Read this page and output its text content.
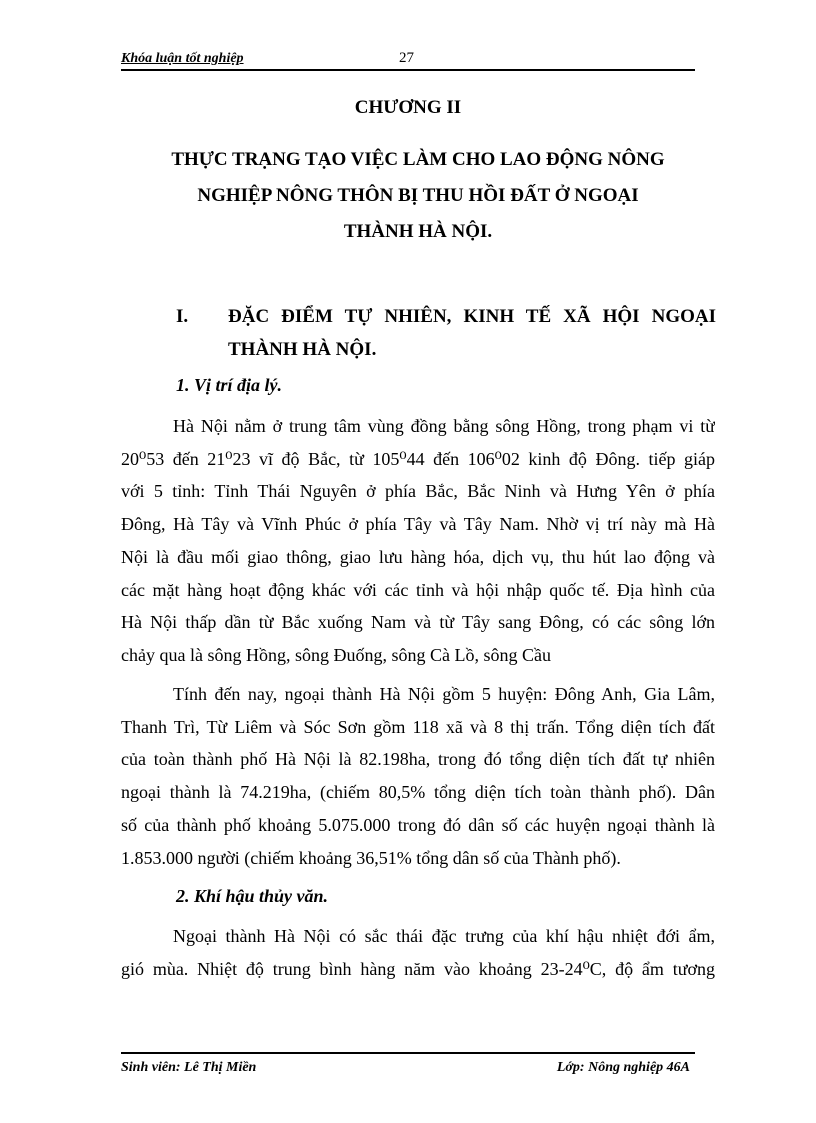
Khóa luận tốt nghiệp	27
CHƯƠNG II
THỰC TRẠNG TẠO VIỆC LÀM CHO LAO ĐỘNG NÔNG
NGHIỆP NÔNG THÔN BỊ THU HỒI ĐẤT Ở NGOẠI
THÀNH HÀ NỘI.
I. ĐẶC ĐIỂM TỰ NHIÊN, KINH TẾ XÃ HỘI NGOẠI
THÀNH HÀ NỘI.
1. Vị trí địa lý.
Hà Nội nằm ở trung tâm vùng đồng bằng sông Hồng, trong phạm vi từ
20⁰53 đến 21⁰23 vĩ độ Bắc, từ 105⁰44 đến 106⁰02 kinh độ Đông. tiếp giáp
với 5 tỉnh: Tỉnh Thái Nguyên ở phía Bắc, Bắc Ninh và Hưng Yên ở phía
Đông, Hà Tây và Vĩnh Phúc ở phía Tây và Tây Nam. Nhờ vị trí này mà Hà
Nội là đầu mối giao thông, giao lưu hàng hóa, dịch vụ, thu hút lao động và
các mặt hàng hoạt động khác với các tỉnh và hội nhập quốc tế. Địa hình của
Hà Nội thấp dần từ Bắc xuống Nam và từ Tây sang Đông, có các sông lớn
chảy qua là sông Hồng, sông Đuống, sông Cà Lồ, sông Cầu
Tính đến nay, ngoại thành Hà Nội gồm 5 huyện: Đông Anh, Gia Lâm,
Thanh Trì, Từ Liêm và Sóc Sơn gồm 118 xã và 8 thị trấn. Tổng diện tích đất
của toàn thành phố Hà Nội là 82.198ha, trong đó tổng diện tích đất tự nhiên
ngoại thành là 74.219ha, (chiếm 80,5% tổng diện tích toàn thành phố). Dân
số của thành phố khoảng 5.075.000 trong đó dân số các huyện ngoại thành là
1.853.000 người (chiếm khoảng 36,51% tổng dân số của Thành phố).
2. Khí hậu thủy văn.
Ngoại thành Hà Nội có sắc thái đặc trưng của khí hậu nhiệt đới ẩm,
gió mùa. Nhiệt độ trung bình hàng năm vào khoảng 23-24⁰C, độ ẩm tương
Sinh viên: Lê Thị Miền	Lớp: Nông nghiệp 46A
